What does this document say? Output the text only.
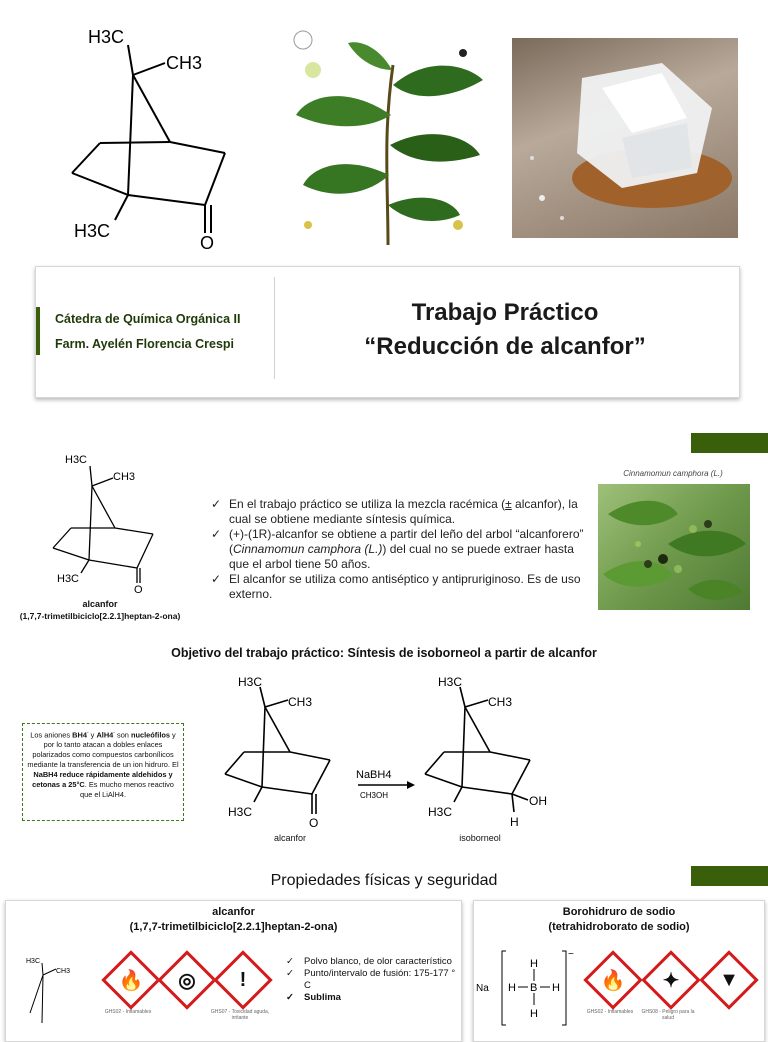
H3C
CH3
H3C
O
Cátedra de Química Orgánica II
Farm. Ayelén Florencia Crespi
Trabajo Práctico
“Reducción de alcanfor”
H3C
CH3
H3C
O
alcanfor
(1,7,7-trimetilbiciclo[2.2.1]heptan-2-ona)
✓ En el trabajo práctico se utiliza la mezcla racémica (± alcanfor), la cual se obtiene mediante síntesis química.
✓ (+)-(1R)-alcanfor se obtiene a partir del leño del arbol “alcanforero” (Cinnamomun camphora (L.)) del cual no se puede extraer hasta que el arbol tiene 50 años.
✓ El alcanfor se utiliza como antiséptico y antipruriginoso. Es de uso externo.
Cinnamomun camphora (L.)
Objetivo del trabajo práctico: Síntesis de isoborneol a partir de alcanfor
Los aniones BH4- y AlH4- son nucleófilos y por lo tanto atacan a dobles enlaces polarizados como compuestos carbonílicos mediante la transferencia de un ion hidruro. El NaBH4 reduce rápidamente aldehidos y cetonas a 25°C. Es mucho menos reactivo que el LiAlH4.
H3C
CH3
H3C
O
NaBH4
CH3OH
H3C
CH3
H3C
OH
H
alcanfor	isoborneol
Propiedades físicas y seguridad
alcanfor
(1,7,7-trimetilbiciclo[2.2.1]heptan-2-ona)
H3C
CH3 🔥
GHS02 - Inflamables
◎	!
GHS07 - Toxicidad aguda, irritante
✓ Polvo blanco, de olor característico
✓ Punto/intervalo de fusión: 175-177 ° C
✓ Sublima
Borohidruro de sodio
(tetrahidroborato de sodio)
Na
−
B
H
H	H
H
🔥
GHS02 - Inflamables
✦
GHS08 - Peligro para la salud
▼
